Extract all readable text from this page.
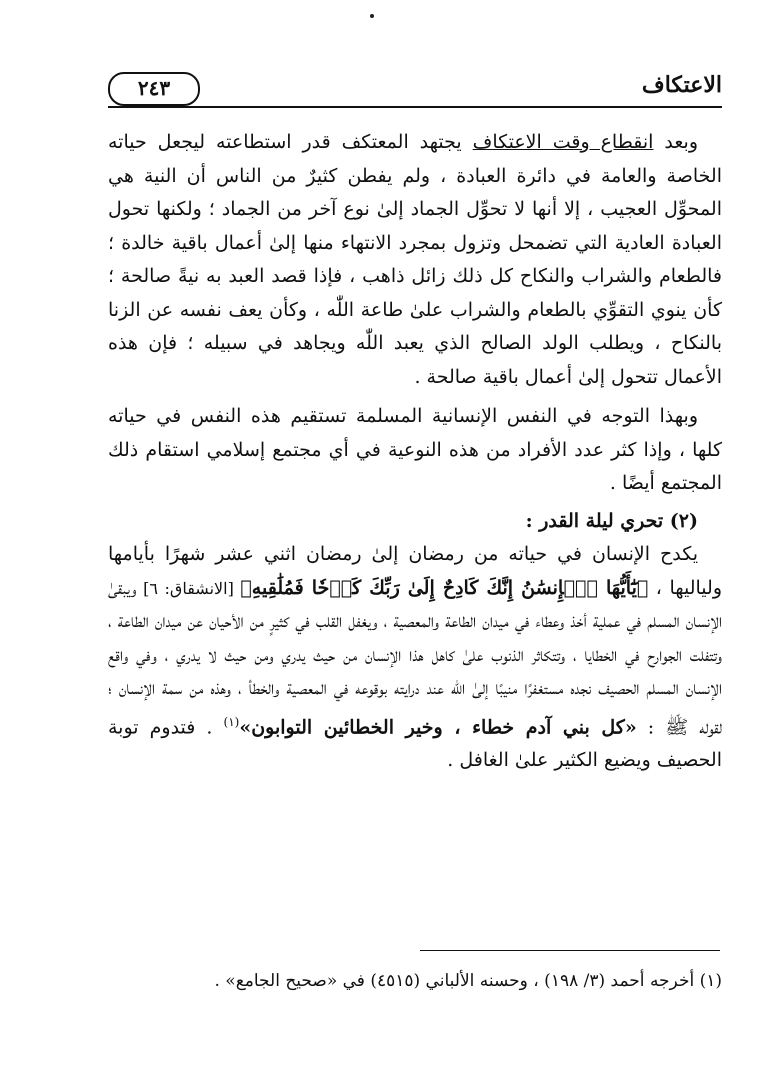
الاعتكاف
٢٤٣

وبعد انقطاع وقت الاعتكاف يجتهد المعتكف قدر استطاعته ليجعل حياته الخاصة والعامة في دائرة العبادة ، ولم يفطن كثيرٌ من الناس أن النية هي المحوِّل العجيب ، إلا أنها لا تحوِّل الجماد إلىٰ نوع آخر من الجماد ؛ ولكنها تحول العبادة العادية التي تضمحل وتزول بمجرد الانتهاء منها إلىٰ أعمال باقية خالدة ؛ فالطعام والشراب والنكاح كل ذلك زائل ذاهب ، فإذا قصد العبد به نيةً صالحة ؛ كأن ينوي التقوِّي بالطعام والشراب علىٰ طاعة اللّٰه ، وكأن يعف نفسه عن الزنا بالنكاح ، ويطلب الولد الصالح الذي يعبد اللّٰه ويجاهد في سبيله ؛ فإن هذه الأعمال تتحول إلىٰ أعمال باقية صالحة .

وبهذا التوجه في النفس الإنسانية المسلمة تستقيم هذه النفس في حياته كلها ، وإذا كثر عدد الأفراد من هذه النوعية في أي مجتمع إسلامي استقام ذلك المجتمع أيضًا .

(٢) تحري ليلة القدر :

يكدح الإنسان في حياته من رمضان إلىٰ رمضان اثني عشر شهرًا بأيامها ولياليها ، ﴿يَٰٓأَيُّهَا ٱلۡإِنسَٰنُ إِنَّكَ كَادِحٌ إِلَىٰ رَبِّكَ كَدۡحٗا فَمُلَٰقِيهِ﴾ [الانشقاق: ٦] ويبقىٰ الإنسان المسلم في عملية أخذ وعطاء في ميدان الطاعة والمعصية ، ويغفل القلب في كثيرٍ من الأحيان عن ميدان الطاعة ، وتتفلت الجوارح في الخطايا ، وتتكاثر الذنوب علىٰ كاهل هذا الإنسان من حيث يدري ومن حيث لا يدري ، وفي واقع الإنسان المسلم الحصيف نجده مستغفرًا منيبًا إلىٰ اللّٰه عند درايته بوقوعه في المعصية والخطأ ، وهذه من سمة الإنسان ؛ لقوله ﷺ : «كل بني آدم خطاء ، وخير الخطائين التوابون»$^{(١)}$ . فتدوم توبة الحصيف ويضيع الكثير علىٰ الغافل .

(١) أخرجه أحمد (٣/ ١٩٨) ، وحسنه الألباني (٤٥١٥) في «صحيح الجامع» .
